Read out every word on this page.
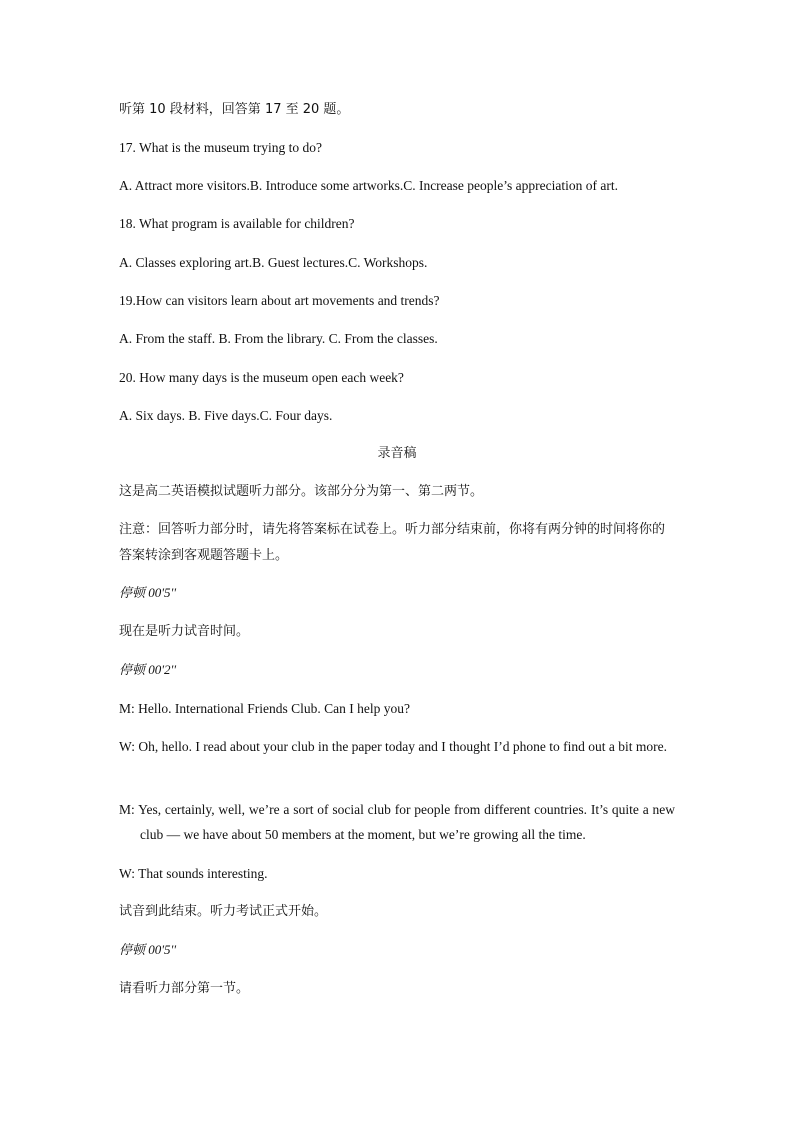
听第 10 段材料，回答第 17 至 20 题。
17. What is the museum trying to do?
A. Attract more visitors.B. Introduce some artworks.C. Increase people’s appreciation of art.
18. What program is available for children?
A. Classes exploring art.B. Guest lectures.C. Workshops.
19.How can visitors learn about art movements and trends?
A. From the staff. B. From the library. C. From the classes.
20. How many days is the museum open each week?
A. Six days. B. Five days.C. Four days.
录音稿
这是高二英语模拟试题听力部分。该部分分为第一、第二两节。
注意：回答听力部分时，请先将答案标在试卷上。听力部分结束前，你将有两分钟的时间将你的答案转涂到客观题答题卡上。
停顿 00'5''
现在是听力试音时间。
停顿 00'2''
M: Hello. International Friends Club. Can I help you?
W: Oh, hello. I read about your club in the paper today and I thought I’d phone to find out a bit more.
M: Yes, certainly, well, we’re a sort of social club for people from different countries. It’s quite a new club — we have about 50 members at the moment, but we’re growing all the time.
W: That sounds interesting.
试音到此结束。听力考试正式开始。
停顿 00'5''
请看听力部分第一节。
